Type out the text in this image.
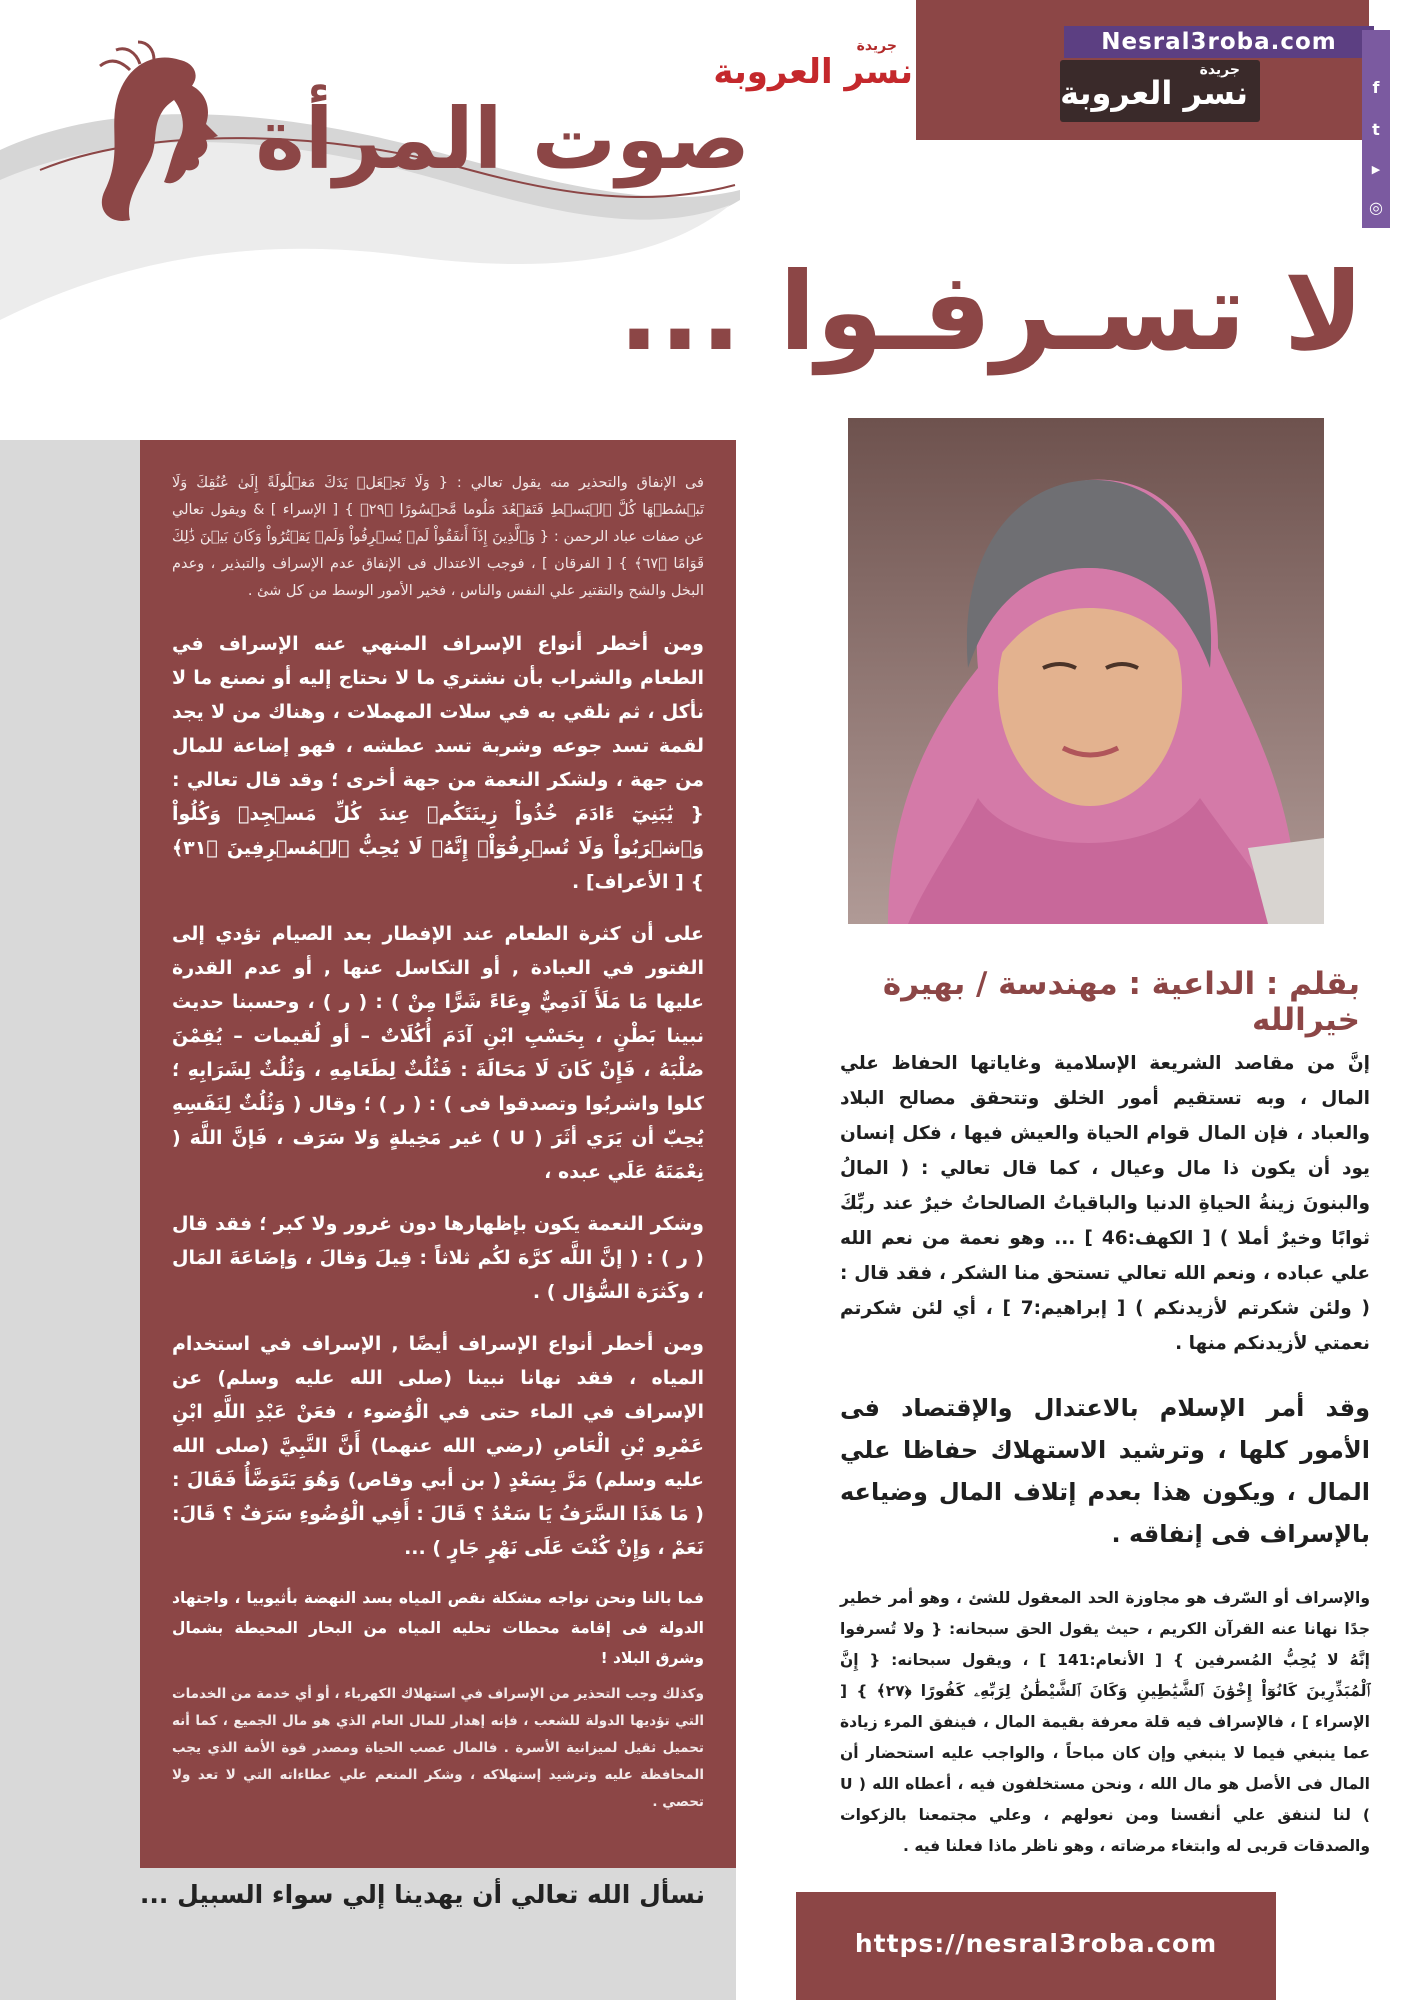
صوت المرأة
جريدة
نسر العروبة
Nesral3roba.com
جريدة
نسر العروبة	f
t
▶
◎
لا تسـرفـوا ...

فى الإنفاق والتحذير منه يقول تعالي : { وَلَا تَجۡعَلۡ يَدَكَ مَغۡلُولَةً إِلَىٰ عُنُقِكَ وَلَا تَبۡسُطۡهَا كُلَّ ٱلۡبَسۡطِ فَتَقۡعُدَ مَلُوما مَّحۡسُورًا ﴿٢٩﴾ } [ الإسراء ] & ويقول تعالي عن صفات عباد الرحمن : { وَٱلَّذِينَ إِذَآ أَنفَقُواْ لَمۡ يُسۡرِفُواْ وَلَمۡ يَقۡتُرُواْ وَكَانَ بَيۡنَ ذَٰلِكَ قَوَامًا ﴿٦٧﴾ } [ الفرقان ] ، فوجب الاعتدال فى الإنفاق عدم الإسراف والتبذير ، وعدم البخل والشح والتقتير علي النفس والناس ، فخير الأمور الوسط من كل شئ .

ومن أخطر أنواع الإسراف المنهي عنه الإسراف في الطعام والشراب بأن نشتري ما لا نحتاج إليه أو نصنع ما لا نأكل ، ثم نلقي به في سلات المهملات ، وهناك من لا يجد لقمة تسد جوعه وشربة تسد عطشه ، فهو إضاعة للمال من جهة ، ولشكر النعمة من جهة أخرى ؛ وقد قال تعالي : { يَٰبَنِيٓ ءَادَمَ خُذُواْ زِينَتَكُمۡ عِندَ كُلِّ مَسۡجِدٖ وَكُلُواْ وَٱشۡرَبُواْ وَلَا تُسۡرِفُوٓاْۚ إِنَّهُۥ لَا يُحِبُّ ٱلۡمُسۡرِفِينَ ﴿٣١﴾ } [ الأعراف] .

على أن كثرة الطعام عند الإفطار بعد الصيام تؤدي إلى الفتور في العبادة , أو التكاسل عنها , أو عدم القدرة عليها مَا مَلَأَ آدَمِيٌّ وِعَاءً شَرًّا مِنْ ) : ( ر ) ، وحسبنا حديث نبينا بَطْنٍ ، بِحَسْبِ ابْنِ آدَمَ أُكُلَاتٌ – أو لُقيمات – يُقِمْنَ صُلْبَهُ ، فَإِنْ كَانَ لَا مَحَالَةَ : فَثُلُثٌ لِطَعَامِهِ ، وَثُلُثٌ لِشَرَابِهِ ؛ كلوا واشربُوا وتصدقوا فى ) : ( ر ) ؛ وقال ( وَثُلُثٌ لِنَفَسِهِ يُحِبّ أن يَرَي أثَرَ ( U ) غير مَخِيلةٍ وَلا سَرَف ، فَإنَّ اللَّهَ ( نِعْمَتَهُ عَلَي عبده ،

وشكر النعمة يكون بإظهارها دون غرور ولا كبر ؛ فقد قال ( ر ) : ( إنَّ اللَّه كرَّهَ لكُم ثلاثاً : قِيلَ وَقالَ ، وَإضَاعَةَ المَال ، وكَثرَة السُّؤال ) .

ومن أخطر أنواع الإسراف أيضًا , الإسراف في استخدام المياه ، فقد نهانا نبينا (صلى الله عليه وسلم) عن الإسراف في الماء حتى في الْوُضوء ، فعَنْ عَبْدِ اللَّهِ ابْنِ عَمْرِو بْنِ الْعَاصِ (رضي الله عنهما) أَنَّ النَّبِيَّ (صلى الله عليه وسلم) مَرَّ بِسَعْدٍ ( بن أبي وقاص) وَهُوَ يَتَوَضَّأُ فَقَالَ : ( مَا هَذَا السَّرَفُ يَا سَعْدُ ؟ قَالَ : أَفِي الْوُضُوءِ سَرَفٌ ؟ قَالَ: نَعَمْ ، وَإِنْ كُنْتَ عَلَى نَهْرٍ جَارٍ ) ...

فما بالنا ونحن نواجه مشكلة نقص المياه بسد النهضة بأثيوبيا ، واجتهاد الدولة فى إقامة محطات تحليه المياه من البحار المحيطة بشمال وشرق البلاد !

وكذلك وجب التحذير من الإسراف في استهلاك الكهرباء ، أو أي خدمة من الخدمات التي تؤديها الدولة للشعب ، فإنه إهدار للمال العام الذي هو مال الجميع ، كما أنه تحميل ثقيل لميزانية الأسرة . فالمال عصب الحياة ومصدر قوة الأمة الذي يجب المحافظة عليه وترشيد إستهلاكه ، وشكر المنعم علي عطاءاته التي لا تعد ولا تحصي .

نسأل الله تعالي أن يهدينا إلي سواء السبيل ...
بقلم : الداعية : مهندسة / بهيرة خيرالله

إنَّ من مقاصد الشريعة الإسلامية وغاياتها الحفاظ علي المال ، وبه تستقيم أمور الخلق وتتحقق مصالح البلاد والعباد ، فإن المال قوام الحياة والعيش فيها ، فكل إنسان يود أن يكون ذا مال وعيال ، كما قال تعالي : ( المالُ والبنونَ زينةُ الحياةِ الدنيا والباقياتُ الصالحاتُ خيرٌ عند ربِّكَ ثوابًا وخيرٌ أملا ) [ الكهف:46 ] ... وهو نعمة من نعم الله علي عباده ، ونعم الله تعالي تستحق منا الشكر ، فقد قال : ( ولئن شكرتم لأزيدنكم ) [ إبراهيم:7 ] ، أي لئن شكرتم نعمتي لأزيدنكم منها .

وقد أمر الإسلام بالاعتدال والإقتصاد فى الأمور كلها ، وترشيد الاستهلاك حفاظا علي المال ، ويكون هذا بعدم إتلاف المال وضياعه بالإسراف فى إنفاقه .

والإسراف أو السّرف هو مجاوزة الحد المعقول للشئ ، وهو أمر خطير جدًا نهانا عنه القرآن الكريم ، حيث يقول الحق سبحانه: { ولا تُسرفوا إنَّهُ لا يُحِبُّ المُسرفين } [ الأنعام:141 ] ، ويقول سبحانه: { إِنَّ ٱلْمُبَذِّرِينَ كَانُوٓاْ إِخْوَٰنَ ٱلشَّيَٰطِينِ وَكَانَ ٱلشَّيْطَٰنُ لِرَبِّهِۦ كَفُورًا ﴿٢٧﴾ } [ الإسراء ] ، فالإسراف فيه قلة معرفة بقيمة المال ، فينفق المرء زيادة عما ينبغي فيما لا ينبغي وإن كان مباحاً ، والواجب عليه استحضار أن المال فى الأصل هو مال الله ، ونحن مستخلفون فيه ، أعطاه الله ( U ) لنا لننفق علي أنفسنا ومن نعولهم ، وعلي مجتمعنا بالزكوات والصدقات قربى له وابتغاء مرضاته ، وهو ناظر ماذا فعلنا فيه .

https://nesral3roba.com
